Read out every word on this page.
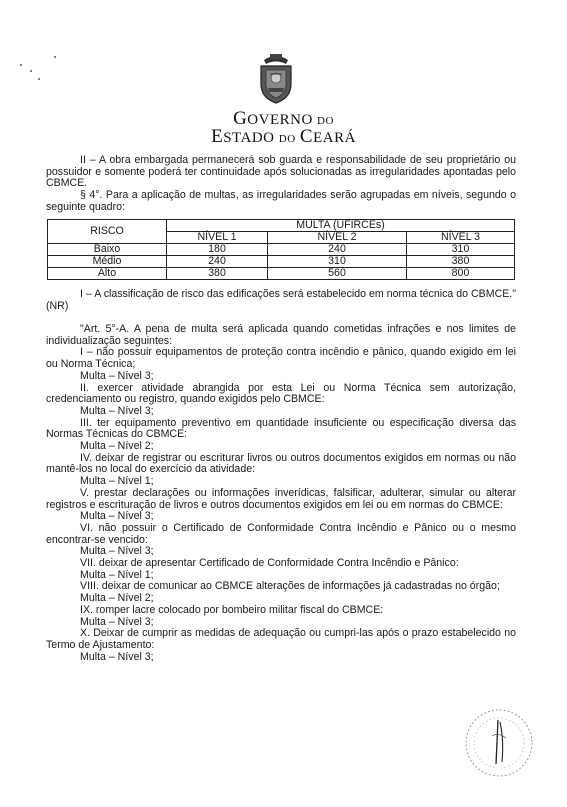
GOVERNO DO
ESTADO DO CEARÁ

II – A obra embargada permanecerá sob guarda e responsabilidade de seu proprietário ou possuidor e somente poderá ter continuidade após solucionadas as irregularidades apontadas pelo CBMCE.

§ 4°. Para a aplicação de multas, as irregularidades serão agrupadas em níveis, segundo o seguinte quadro:

RISCO	MULTA (UFIRCEs)		
	NÍVEL 1	NÍVEL 2	NÍVEL 3
Baixo	180	240	310
Médio	240	310	380
Alto	380	560	800

I – A classificação de risco das edificações será estabelecido em norma técnica do CBMCE." (NR)

"Art. 5°-A. A pena de multa será aplicada quando cometidas infrações e nos limites de individualização seguintes:

I – não possuir equipamentos de proteção contra incêndio e pânico, quando exigido em lei ou Norma Técnica;

Multa – Nível 3;

II. exercer atividade abrangida por esta Lei ou Norma Técnica sem autorização, credenciamento ou registro, quando exigidos pelo CBMCE:

Multa – Nível 3;

III. ter equipamento preventivo em quantidade insuficiente ou especificação diversa das Normas Técnicas do CBMCE:

Multa – Nível 2;

IV. deixar de registrar ou escriturar livros ou outros documentos exigidos em normas ou não mantê-los no local do exercício da atividade:

Multa – Nível 1;

V. prestar declarações ou informações inverídicas, falsificar, adulterar, simular ou alterar registros e escrituração de livros e outros documentos exigidos em lei ou em normas do CBMCE:

Multa – Nível 3;

VI. não possuir o Certificado de Conformidade Contra Incêndio e Pânico ou o mesmo encontrar-se vencido:

Multa – Nível 3;

VII. deixar de apresentar Certificado de Conformidade Contra Incêndio e Pânico:

Multa – Nível 1;

VIII. deixar de comunicar ao CBMCE alterações de informações já cadastradas no órgão;

Multa – Nível 2;

IX. romper lacre colocado por bombeiro militar fiscal do CBMCE:

Multa – Nível 3;

X. Deixar de cumprir as medidas de adequação ou cumpri-las após o prazo estabelecido no Termo de Ajustamento:

Multa – Nível 3;
